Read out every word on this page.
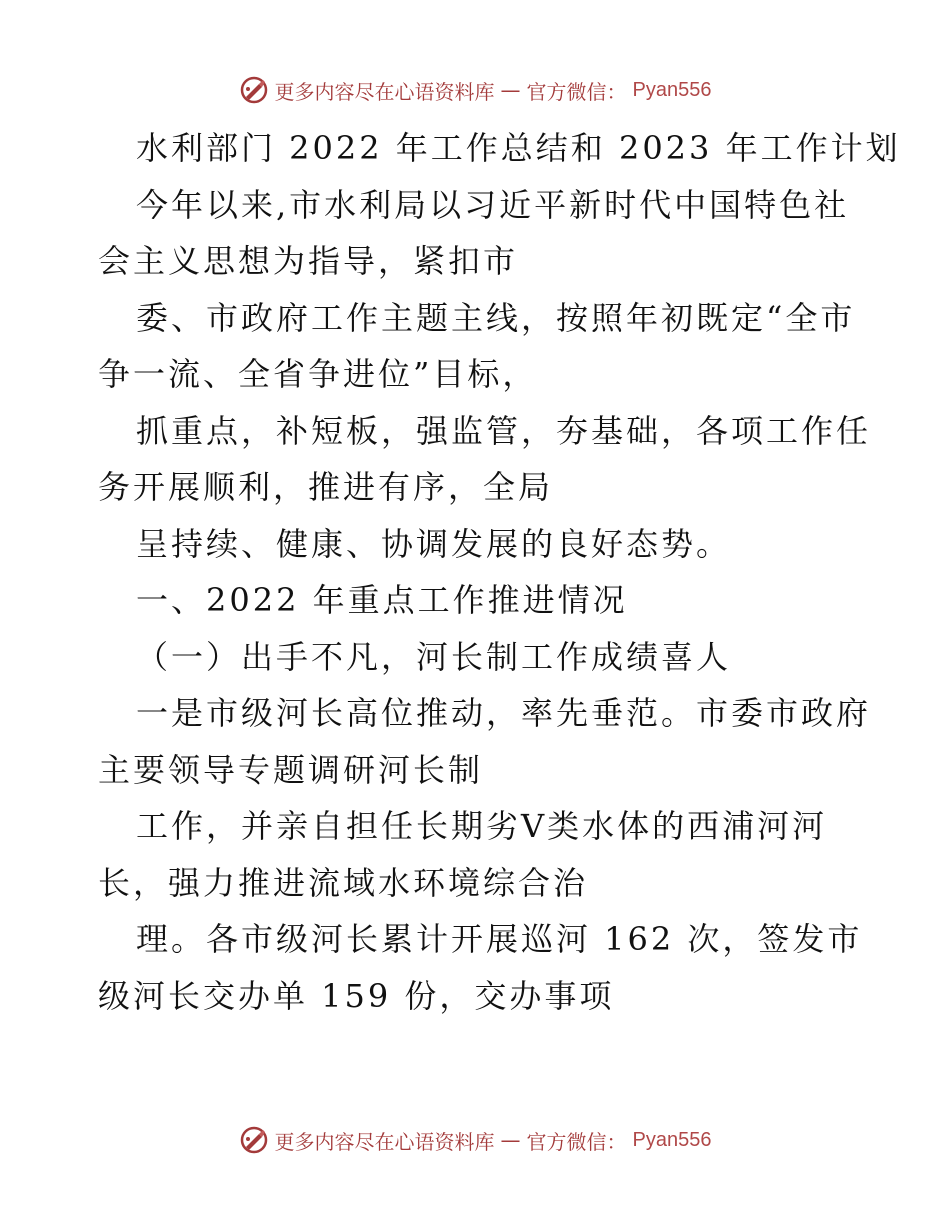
更多内容尽在心语资料库 — 官方微信： Pyan556
水利部门 2022 年工作总结和 2023 年工作计划
今年以来,市水利局以习近平新时代中国特色社
会主义思想为指导，紧扣市
委、市政府工作主题主线，按照年初既定“全市
争一流、全省争进位”目标，
抓重点，补短板，强监管，夯基础，各项工作任
务开展顺利，推进有序，全局
呈持续、健康、协调发展的良好态势。
一、2022 年重点工作推进情况
（一）出手不凡，河长制工作成绩喜人
一是市级河长高位推动，率先垂范。市委市政府
主要领导专题调研河长制
工作，并亲自担任长期劣Ⅴ类水体的西浦河河
长，强力推进流域水环境综合治
理。各市级河长累计开展巡河 162 次，签发市
级河长交办单 159 份，交办事项
更多内容尽在心语资料库 — 官方微信： Pyan556
